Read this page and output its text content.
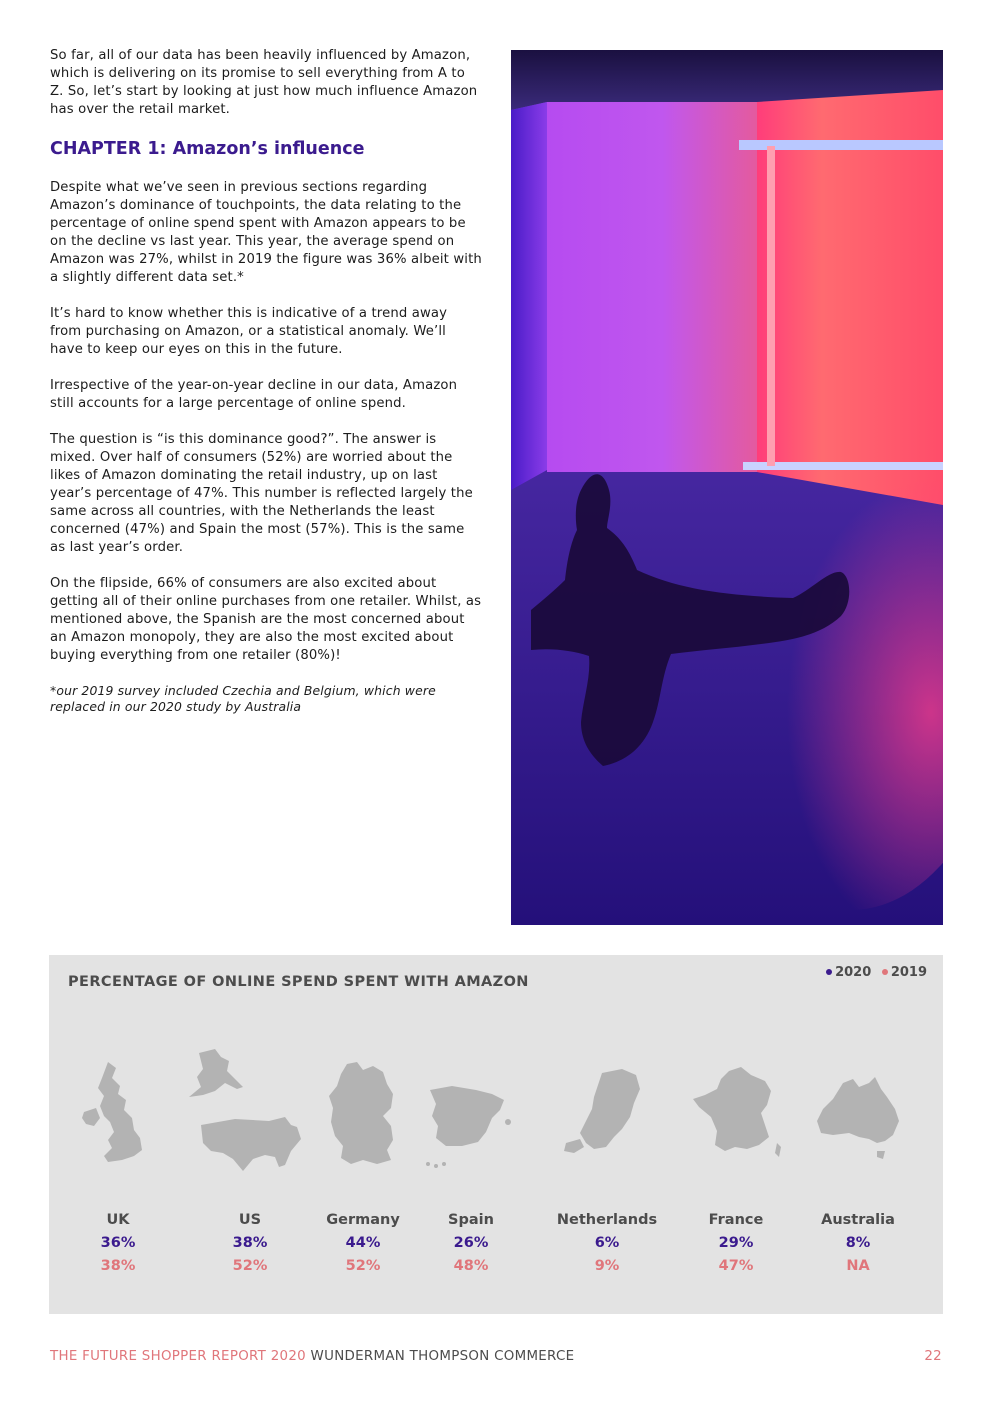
So far, all of our data has been heavily influenced by Amazon, which is delivering on its promise to sell everything from A to Z. So, let’s start by looking at just how much influence Amazon has over the retail market.

CHAPTER 1: Amazon’s influence

Despite what we’ve seen in previous sections regarding Amazon’s dominance of touchpoints, the data relating to the percentage of online spend spent with Amazon appears to be on the decline vs last year. This year, the average spend on Amazon was 27%, whilst in 2019 the figure was 36% albeit with a slightly different data set.*

It’s hard to know whether this is indicative of a trend away from purchasing on Amazon, or a statistical anomaly. We’ll have to keep our eyes on this in the future.

Irrespective of the year-on-year decline in our data, Amazon still accounts for a large percentage of online spend.

The question is “is this dominance good?”. The answer is mixed. Over half of consumers (52%) are worried about the likes of Amazon dominating the retail industry, up on last year’s percentage of 47%. This number is reflected largely the same across all countries, with the Netherlands the least concerned (47%) and Spain the most (57%). This is the same as last year’s order.

On the flipside, 66% of consumers are also excited about getting all of their online purchases from one retailer. Whilst, as mentioned above, the Spanish are the most concerned about an Amazon monopoly, they are also the most excited about buying everything from one retailer (80%)!

*our 2019 survey included Czechia and Belgium, which were replaced in our 2020 study by Australia

PERCENTAGE OF ONLINE SPEND SPENT WITH AMAZON
2020 2019
UK
36%
38%
US
38%
52%
Germany
44%
52%
Spain
26%
48%
Netherlands
6%
9%
France
29%
47%
Australia
8%
NA
THE FUTURE SHOPPER REPORT 2020 WUNDERMAN THOMPSON COMMERCE	22
